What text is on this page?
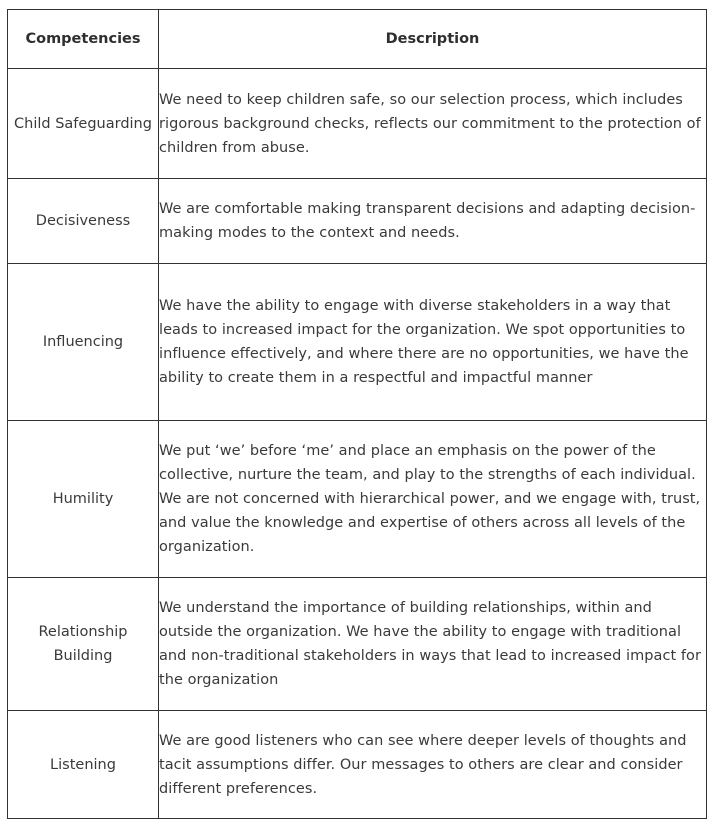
Competencies	Description
Child Safeguarding	We need to keep children safe, so our selection process, which includes rigorous background checks, reflects our commitment to the protection of children from abuse.
Decisiveness	We are comfortable making transparent decisions and adapting decision-making modes to the context and needs.
Influencing	We have the ability to engage with diverse stakeholders in a way that leads to increased impact for the organization. We spot opportunities to influence effectively, and where there are no opportunities, we have the ability to create them in a respectful and impactful manner
Humility	We put ‘we’ before ‘me’ and place an emphasis on the power of the collective, nurture the team, and play to the strengths of each individual. We are not concerned with hierarchical power, and we engage with, trust, and value the knowledge and expertise of others across all levels of the organization.
Relationship Building	We understand the importance of building relationships, within and outside the organization. We have the ability to engage with traditional and non-traditional stakeholders in ways that lead to increased impact for the organization
Listening	We are good listeners who can see where deeper levels of thoughts and tacit assumptions differ. Our messages to others are clear and consider different preferences.
